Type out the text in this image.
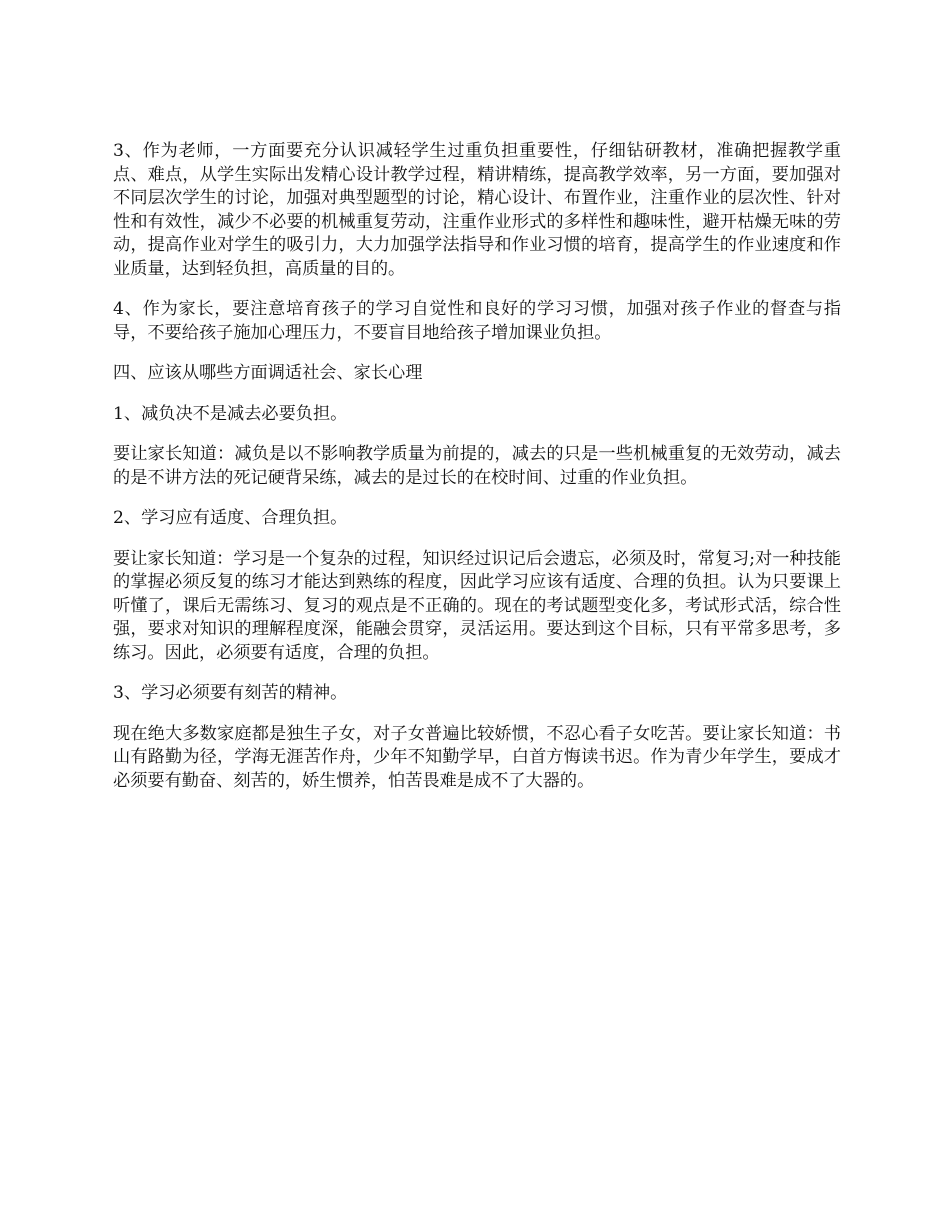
3、作为老师，一方面要充分认识减轻学生过重负担重要性，仔细钻研教材，准确把握教学重点、难点，从学生实际出发精心设计教学过程，精讲精练，提高教学效率，另一方面，要加强对不同层次学生的讨论，加强对典型题型的讨论，精心设计、布置作业，注重作业的层次性、针对性和有效性，减少不必要的机械重复劳动，注重作业形式的多样性和趣味性，避开枯燥无味的劳动，提高作业对学生的吸引力，大力加强学法指导和作业习惯的培育，提高学生的作业速度和作业质量，达到轻负担，高质量的目的。

4、作为家长，要注意培育孩子的学习自觉性和良好的学习习惯，加强对孩子作业的督查与指导，不要给孩子施加心理压力，不要盲目地给孩子增加课业负担。

四、应该从哪些方面调适社会、家长心理

1、减负决不是减去必要负担。

要让家长知道：减负是以不影响教学质量为前提的，减去的只是一些机械重复的无效劳动，减去的是不讲方法的死记硬背呆练，减去的是过长的在校时间、过重的作业负担。

2、学习应有适度、合理负担。

要让家长知道：学习是一个复杂的过程，知识经过识记后会遗忘，必须及时，常复习;对一种技能的掌握必须反复的练习才能达到熟练的程度，因此学习应该有适度、合理的负担。认为只要课上听懂了，课后无需练习、复习的观点是不正确的。现在的考试题型变化多，考试形式活，综合性强，要求对知识的理解程度深，能融会贯穿，灵活运用。要达到这个目标，只有平常多思考，多练习。因此，必须要有适度，合理的负担。

3、学习必须要有刻苦的精神。

现在绝大多数家庭都是独生子女，对子女普遍比较娇惯，不忍心看子女吃苦。要让家长知道：书山有路勤为径，学海无涯苦作舟，少年不知勤学早，白首方悔读书迟。作为青少年学生，要成才必须要有勤奋、刻苦的，娇生惯养，怕苦畏难是成不了大器的。
